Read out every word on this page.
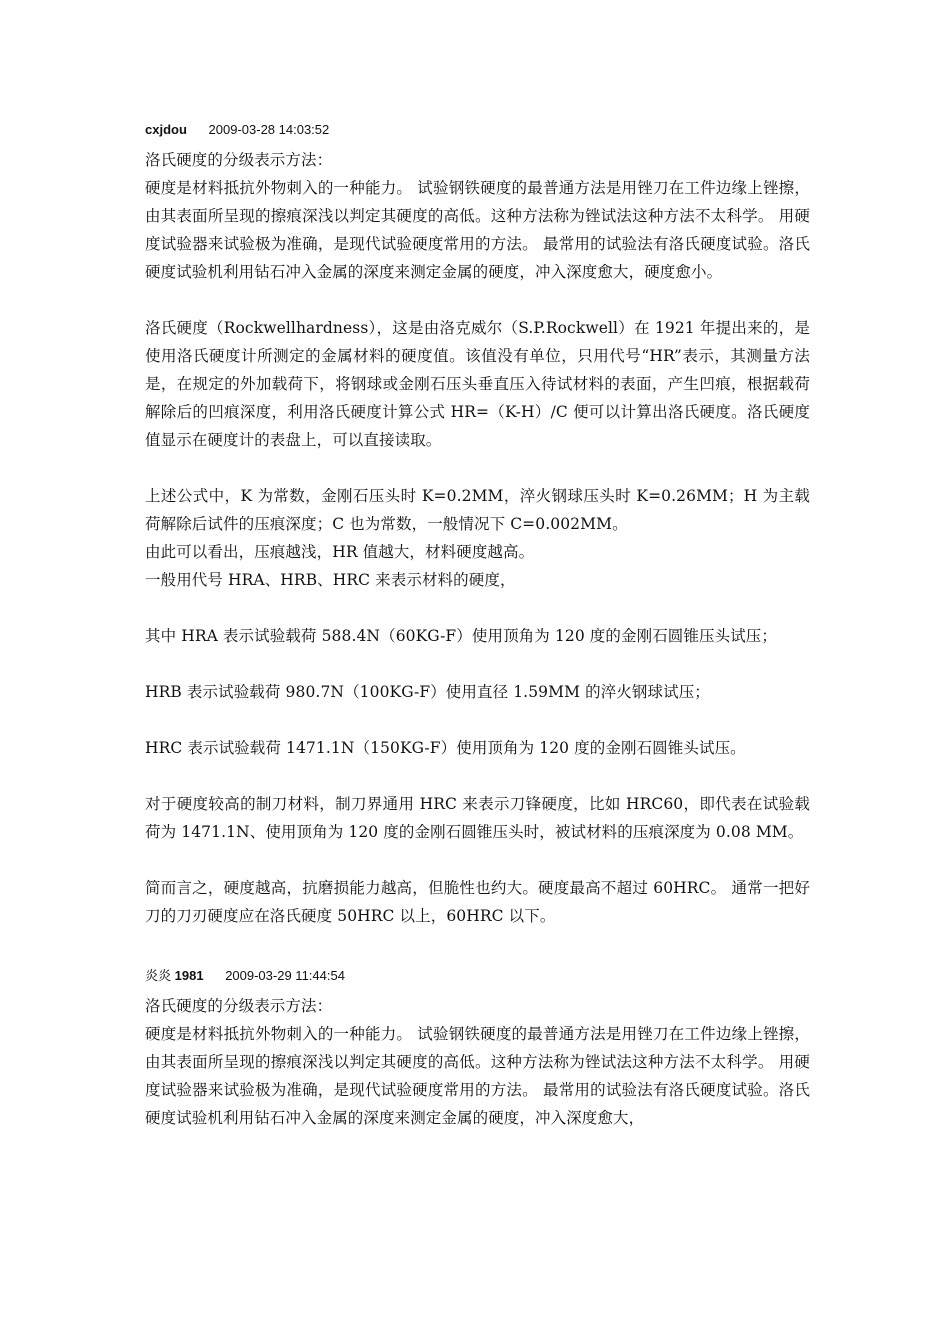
cxjdou 2009-03-28 14:03:52

洛氏硬度的分级表示方法：

硬度是材料抵抗外物刺入的一种能力。 试验钢铁硬度的最普通方法是用锉刀在工件边缘上锉擦，由其表面所呈现的擦痕深浅以判定其硬度的高低。这种方法称为锉试法这种方法不太科学。 用硬度试验器来试验极为准确，是现代试验硬度常用的方法。 最常用的试验法有洛氏硬度试验。洛氏硬度试验机利用钻石冲入金属的深度来测定金属的硬度，冲入深度愈大，硬度愈小。

洛氏硬度（Rockwellhardness），这是由洛克威尔（S.P.Rockwell）在 1921 年提出来的，是使用洛氏硬度计所测定的金属材料的硬度值。该值没有单位，只用代号“HR”表示，其测量方法是，在规定的外加载荷下，将钢球或金刚石压头垂直压入待试材料的表面，产生凹痕，根据载荷解除后的凹痕深度，利用洛氏硬度计算公式 HR=（K-H）/C 便可以计算出洛氏硬度。洛氏硬度值显示在硬度计的表盘上，可以直接读取。

上述公式中，K 为常数，金刚石压头时 K=0.2MM，淬火钢球压头时 K=0.26MM；H 为主载荷解除后试件的压痕深度；C 也为常数，一般情况下 C=0.002MM。

由此可以看出，压痕越浅，HR 值越大，材料硬度越高。

一般用代号 HRA、HRB、HRC 来表示材料的硬度，

其中 HRA 表示试验载荷 588.4N（60KG-F）使用顶角为 120 度的金刚石圆锥压头试压；

HRB 表示试验载荷 980.7N（100KG-F）使用直径 1.59MM 的淬火钢球试压；

HRC 表示试验载荷 1471.1N（150KG-F）使用顶角为 120 度的金刚石圆锥头试压。

对于硬度较高的制刀材料，制刀界通用 HRC 来表示刀锋硬度，比如 HRC60，即代表在试验载荷为 1471.1N、使用顶角为 120 度的金刚石圆锥压头时，被试材料的压痕深度为 0.08 MM。

简而言之，硬度越高，抗磨损能力越高，但脆性也约大。硬度最高不超过 60HRC。 通常一把好刀的刀刃硬度应在洛氏硬度 50HRC 以上，60HRC 以下。

炎炎 1981 2009-03-29 11:44:54

洛氏硬度的分级表示方法：

硬度是材料抵抗外物刺入的一种能力。 试验钢铁硬度的最普通方法是用锉刀在工件边缘上锉擦，由其表面所呈现的擦痕深浅以判定其硬度的高低。这种方法称为锉试法这种方法不太科学。 用硬度试验器来试验极为准确，是现代试验硬度常用的方法。 最常用的试验法有洛氏硬度试验。洛氏硬度试验机利用钻石冲入金属的深度来测定金属的硬度，冲入深度愈大，
